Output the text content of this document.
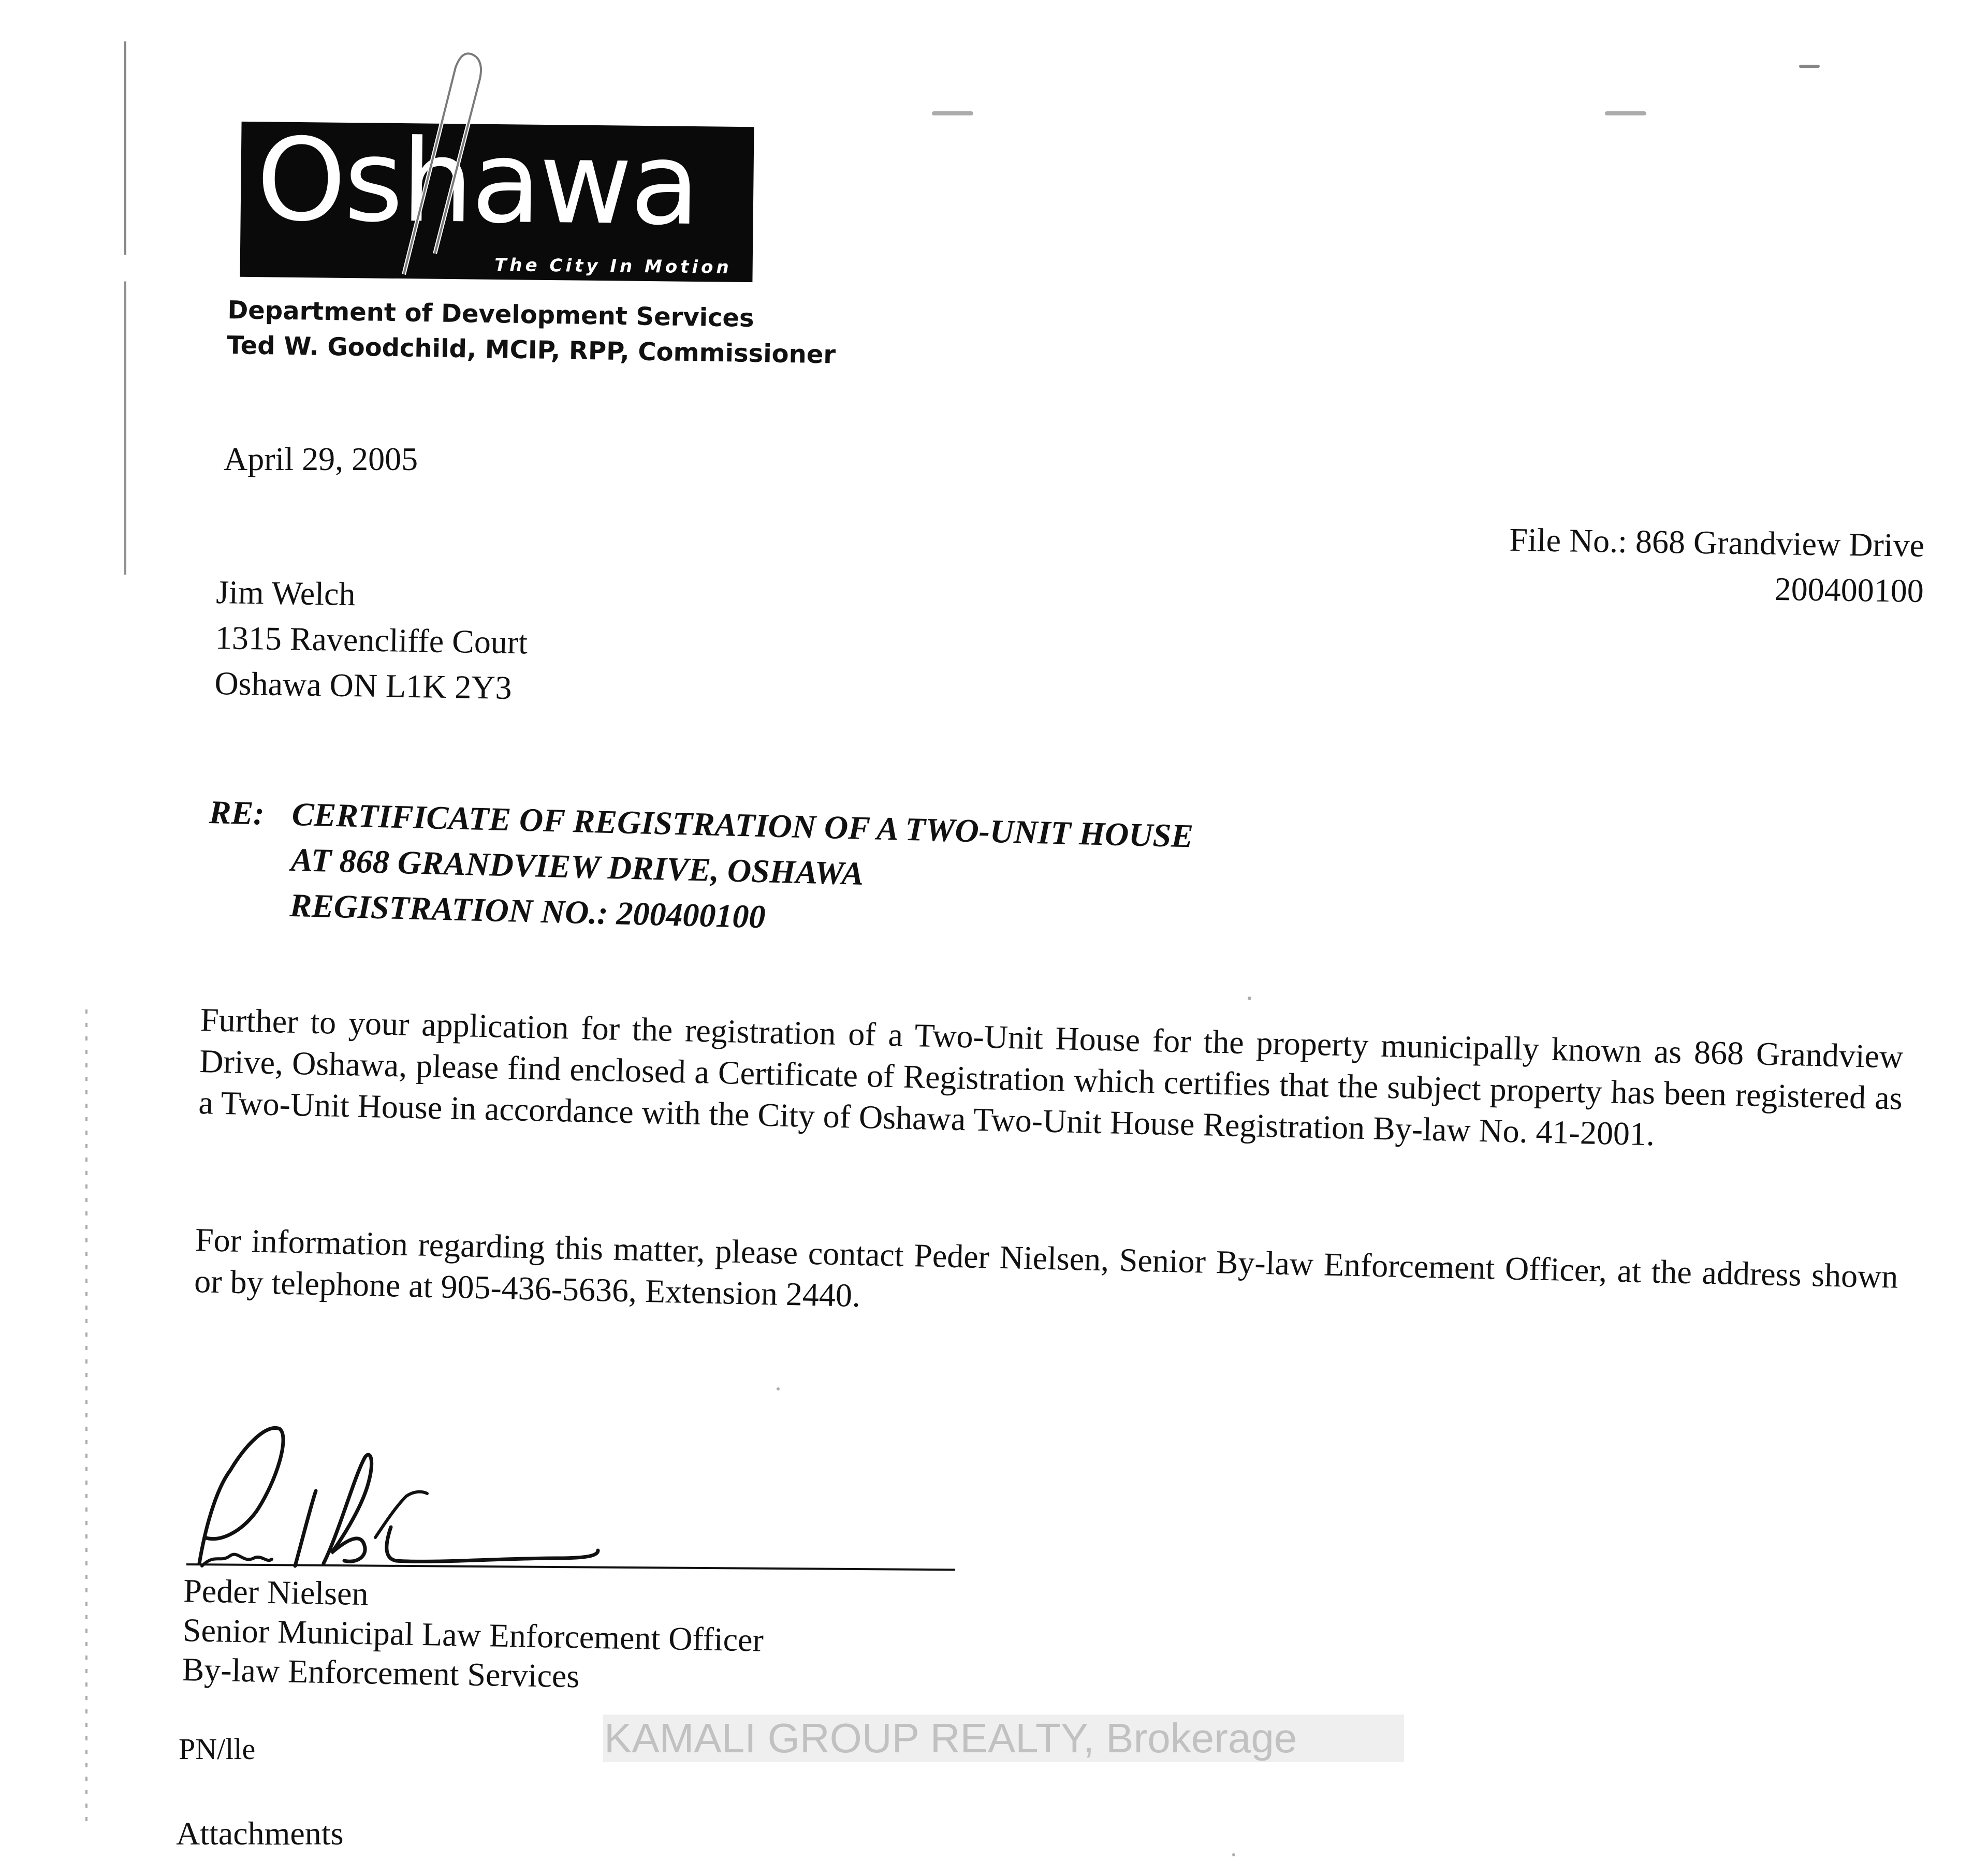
Oshawa
The City In Motion
Department of Development Services
Ted W. Goodchild, MCIP, RPP, Commissioner
April 29, 2005
File No.: 868 Grandview Drive
200400100
Jim Welch
1315 Ravencliffe Court
Oshawa ON L1K 2Y3
RE: CERTIFICATE OF REGISTRATION OF A TWO-UNIT HOUSE
AT 868 GRANDVIEW DRIVE, OSHAWA
REGISTRATION NO.: 200400100
Further to your application for the registration of a Two-Unit House for the property municipally known as 868 Grandview Drive, Oshawa, please find enclosed a Certificate of Registration which certifies that the subject property has been registered as a Two-Unit House in accordance with the City of Oshawa Two-Unit House Registration By-law No. 41-2001.
For information regarding this matter, please contact Peder Nielsen, Senior By-law Enforcement Officer, at the address shown or by telephone at 905-436-5636, Extension 2440.
Peder Nielsen
Senior Municipal Law Enforcement Officer
By-law Enforcement Services
PN/lle
Attachments
KAMALI GROUP REALTY, Brokerage
